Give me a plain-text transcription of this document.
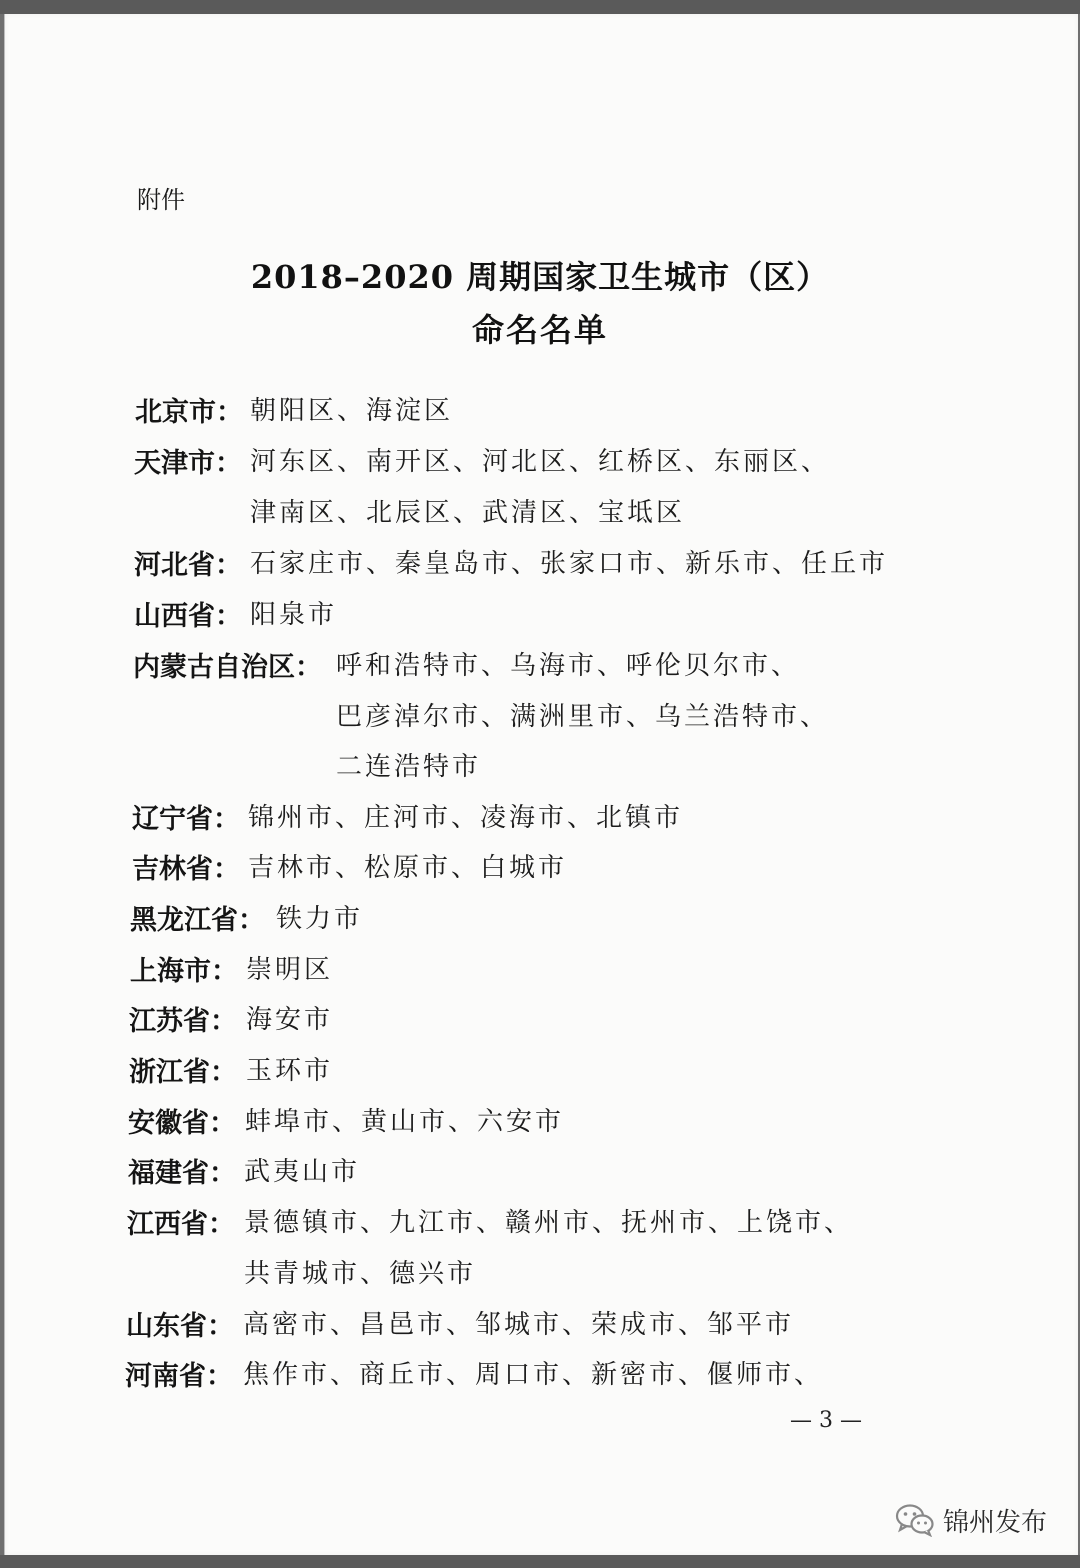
附件
2018–2020 周期国家卫生城市（区）
命名名单
北京市： 朝阳区、海淀区
天津市： 河东区、南开区、河北区、红桥区、东丽区、
津南区、北辰区、武清区、宝坻区
河北省： 石家庄市、秦皇岛市、张家口市、新乐市、任丘市
山西省： 阳泉市
内蒙古自治区： 呼和浩特市、乌海市、呼伦贝尔市、
巴彦淖尔市、满洲里市、乌兰浩特市、
二连浩特市
辽宁省： 锦州市、庄河市、凌海市、北镇市
吉林省： 吉林市、松原市、白城市
黑龙江省： 铁力市
上海市： 崇明区
江苏省： 海安市
浙江省： 玉环市
安徽省： 蚌埠市、黄山市、六安市
福建省： 武夷山市
江西省： 景德镇市、九江市、赣州市、抚州市、上饶市、
共青城市、德兴市
山东省： 高密市、昌邑市、邹城市、荣成市、邹平市
河南省： 焦作市、商丘市、周口市、新密市、偃师市、
— 3 —
锦州发布
